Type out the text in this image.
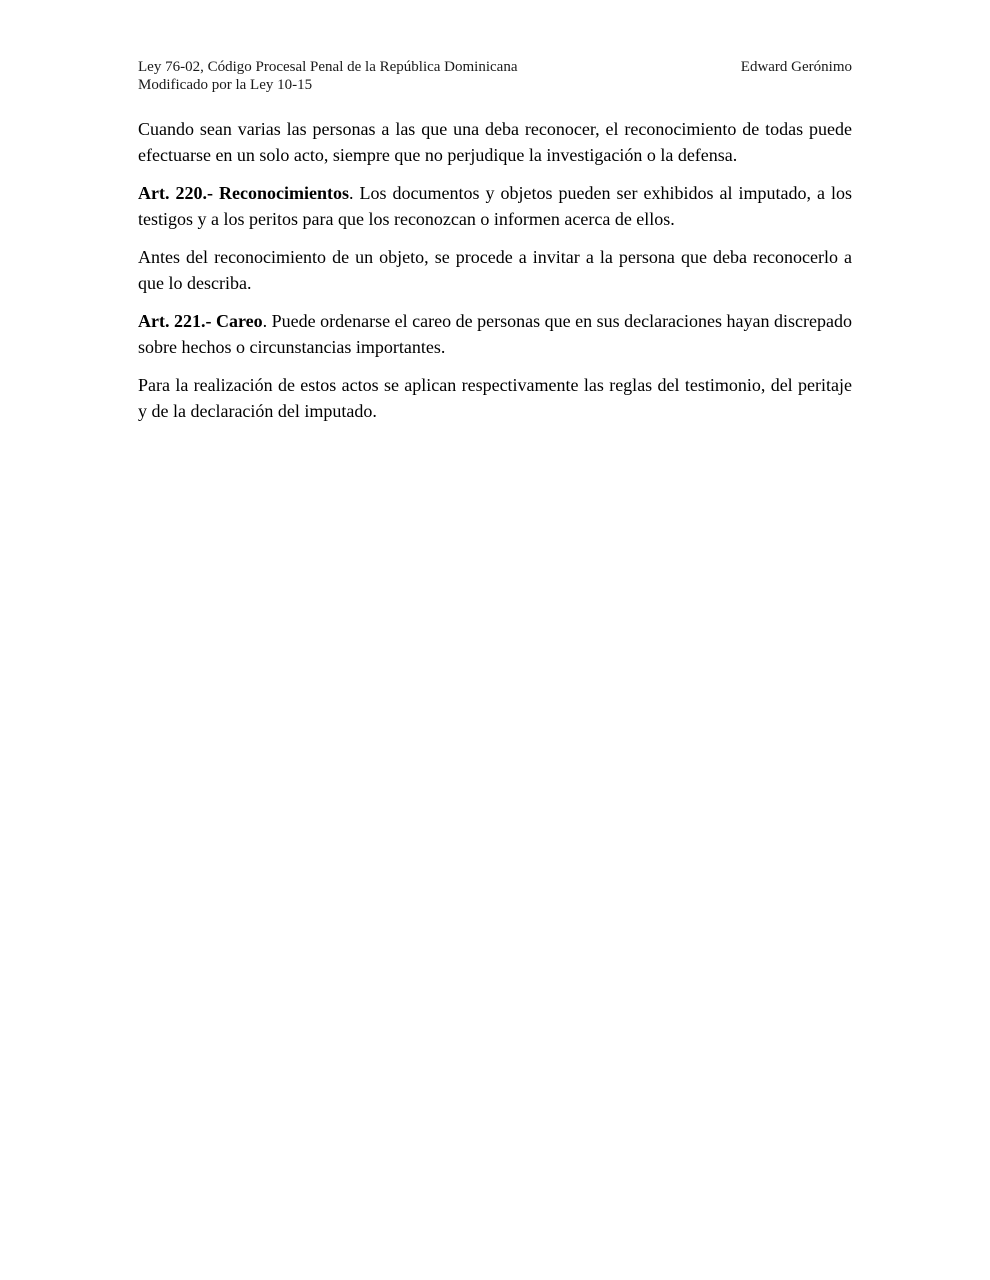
Ley 76-02, Código Procesal Penal de la República Dominicana
Modificado por la Ley 10-15
Edward Gerónimo

Cuando sean varias las personas a las que una deba reconocer, el reconocimiento de todas puede efectuarse en un solo acto, siempre que no perjudique la investigación o la defensa.

Art. 220.- Reconocimientos. Los documentos y objetos pueden ser exhibidos al imputado, a los testigos y a los peritos para que los reconozcan o informen acerca de ellos.

Antes del reconocimiento de un objeto, se procede a invitar a la persona que deba reconocerlo a que lo describa.

Art. 221.- Careo. Puede ordenarse el careo de personas que en sus declaraciones hayan discrepado sobre hechos o circunstancias importantes.

Para la realización de estos actos se aplican respectivamente las reglas del testimonio, del peritaje y de la declaración del imputado.
